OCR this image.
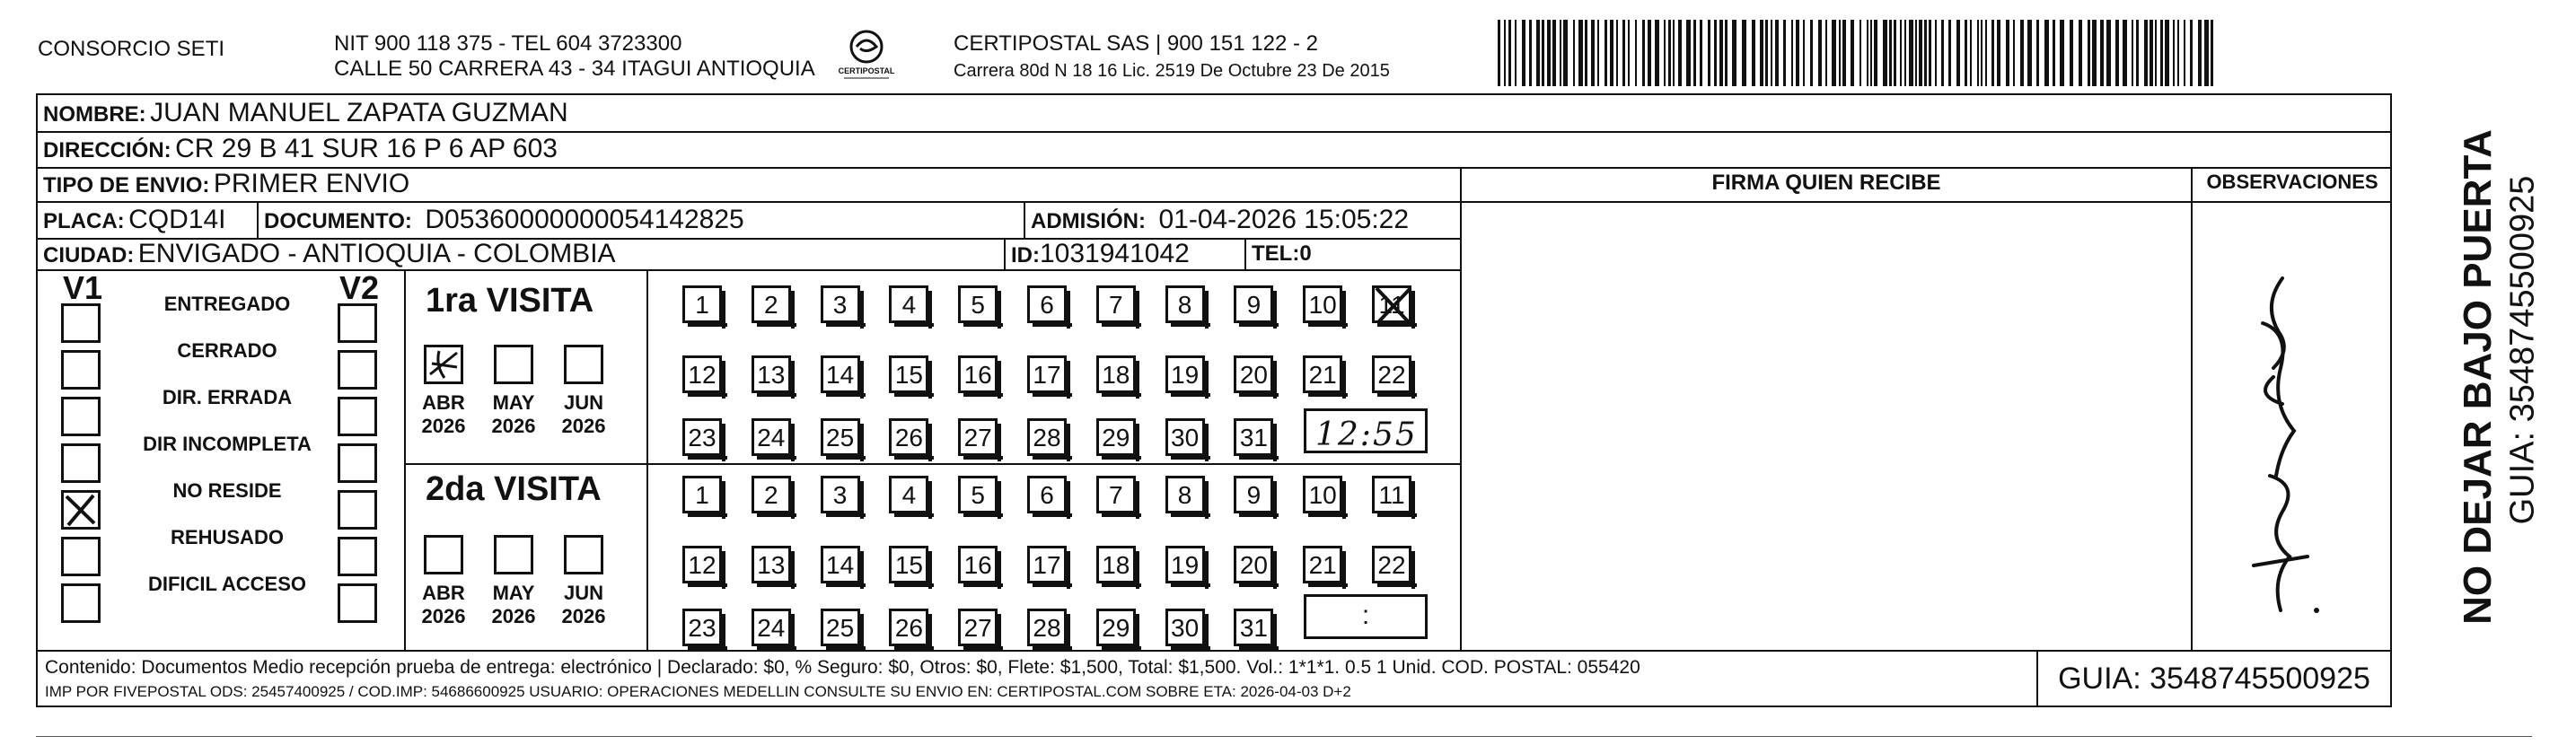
CONSORCIO SETI	NIT 900 118 375 - TEL 604 3723300
CALLE 50 CARRERA 43 - 34 ITAGUI ANTIOQUIA	CERTIPOSTAL
CERTIPOSTAL SAS | 900 151 122 - 2
Carrera 80d N 18 16 Lic. 2519 De Octubre 23 De 2015
NOMBRE: JUAN MANUEL ZAPATA GUZMAN
DIRECCIÓN: CR 29 B 41 SUR 16 P 6 AP 603
TIPO DE ENVIO: PRIMER ENVIO
PLACA: CQD14I DOCUMENTO: D05360000000054142825	ADMISIÓN: 01-04-2026 15:05:22
CIUDAD: ENVIGADO - ANTIOQUIA - COLOMBIA	ID:1031941042	TEL:0
FIRMA QUIEN RECIBE	OBSERVACIONES
V1	V2
ENTREGADO
CERRADO
DIR. ERRADA
DIR INCOMPLETA
NO RESIDE
REHUSADO
DIFICIL ACCESO
1ra VISITA
ABR
2026
MAY
2026
JUN
2026
1	2	3	4	5	6	7	8	9	10 11
12 13 14 15 16 17 18 19 20 21 22
23 24 25 26 27 28 29 30 31
2da VISITA
ABR
2026
MAY
2026
JUN
2026
1	2	3	4	5	6	7	8	9	10 11
12 13 14 15 16 17 18 19 20 21 22
23 24 25 26 27 28 29 30 31
12:55
:
Contenido: Documentos Medio recepción prueba de entrega: electrónico | Declarado: $0, % Seguro: $0, Otros: $0, Flete: $1,500, Total: $1,500. Vol.: 1*1*1. 0.5 1 Unid. COD. POSTAL: 055420
IMP POR FIVEPOSTAL ODS: 25457400925 / COD.IMP: 54686600925 USUARIO: OPERACIONES MEDELLIN CONSULTE SU ENVIO EN: CERTIPOSTAL.COM SOBRE ETA: 2026-04-03 D+2	GUIA: 3548745500925
NO DEJAR BAJO PUERTA GUIA: 3548745500925
